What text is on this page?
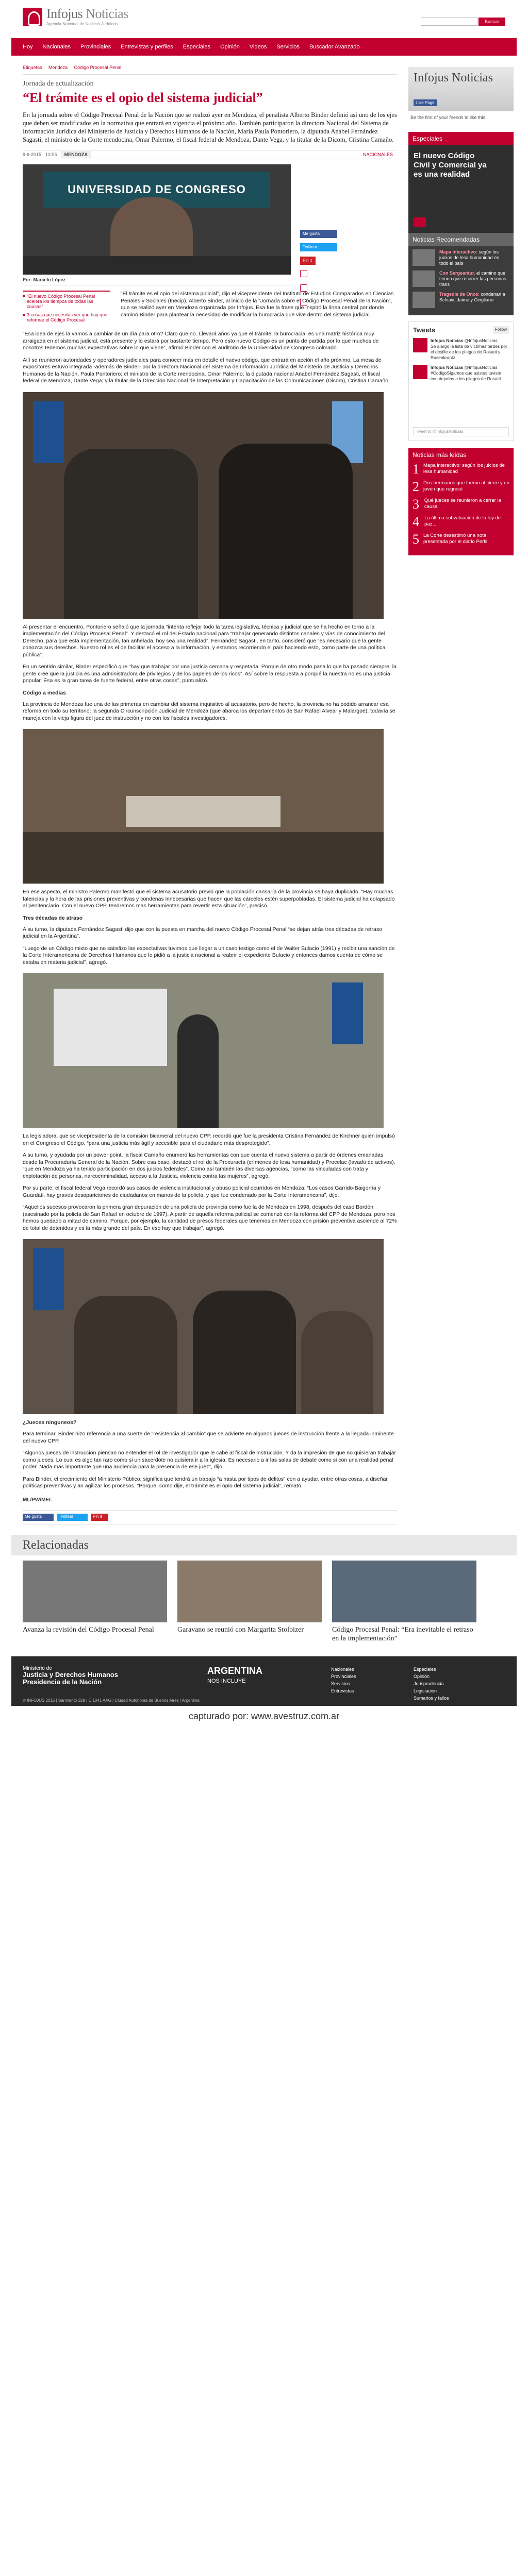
Infojus Noticias
Agencia Nacional de Noticias Jurídicas	Buscar
Hoy Nacionales Provinciales Entrevistas y perfiles Especiales Opinión Videos Servicios Buscador Avanzado
Etiquetas Mendoza Código Procesal Penal
Jornada de actualización
“El trámite es el opio del sistema judicial”
En la jornada sobre el Código Procesal Penal de la Nación que se realizó ayer en Mendoza, el penalista Alberto Binder definió así uno de los ejes que deben ser modificados en la normativa que entrará en vigencia el próximo año. También participaron la directora Nacional del Sistema de Información Jurídica del Ministerio de Justicia y Derechos Humanos de la Nación, María Paula Pontoriero, la diputada Anabel Fernández Sagasti, el ministro de la Corte mendocina, Omar Palermo; el fiscal federal de Mendoza, Dante Vega, y la titular de la Dicom, Cristina Camaño.
9-6-2015 13:05	MENDOZA	NACIONALES
UNIVERSIDAD DE CONGRESO
Por: Marcelo López
Me gusta
Twittear
Pin it
“El nuevo Código Procesal Penal acelera los tiempos de todas las causas”
3 cosas que necesitás ver que hay que reformar el Código Procesal
“El trámite es el opio del sistema judicial”, dijo el vicepresidente del Instituto de Estudios Comparados en Ciencias Penales y Sociales (Inecip), Alberto Binder, al inicio de la “Jornada sobre el Código Procesal Penal de la Nación”, que se realizó ayer en Mendoza organizada por Infojus. Esa fue la frase que inspiró la línea central por donde caminó Binder para plantear la necesidad de modificar la burocracia que vive dentro del sistema judicial.
“Esa idea de ejes la vamos a cambiar de un día para otro? Claro que no. Llevará años ya que el trámite, la burocracia, es una matriz histórica muy arraigada en el sistema judicial, está presente y lo estará por bastante tiempo. Pero esto nuevo Código es un punto de partida por lo que muchos de nosotros tenemos muchas expectativas sobre lo que viene”, afirmó Binder con el auditorio de la Universidad de Congreso colmado.
Allí se reunieron autoridades y operadores judiciales para conocer más en detalle el nuevo código, que entrará en acción el año próximo. La mesa de expositores estuvo integrada -además de Binder- por la directora Nacional del Sistema de Información Jurídica del Ministerio de Justicia y Derechos Humanos de la Nación, Paula Pontoriero; el ministro de la Corte mendocina, Omar Palermo; la diputada nacional Anabel Fernández Sagasti, el fiscal federal de Mendoza, Dante Vega; y la titular de la Dirección Nacional de Interpretación y Capacitación de las Comunicaciones (Dicom), Cristina Camaño.
Al presentar el encuentro, Pontoriero señaló que la jornada “intenta reflejar todo la tarea legislativa, técnica y judicial que se ha hecho en torno a la implementación del Código Procesal Penal”. Y destacó el rol del Estado nacional para “trabajar generando distintos canales y vías de conocimiento del Derecho, para que esta implementación, tan anhelada, hoy sea una realidad”. Fernández Sagasti, en tanto, consideró que “es necesario que la gente conozca sus derechos. Nuestro rol es el de facilitar el acceso a la información, y estamos recorriendo el país haciendo esto, como parte de una política pública”.
En un sentido similar, Binder especificó que “hay que trabajar por una justicia cercana y respetada. Porque de otro modo pasa lo que ha pasado siempre: la gente cree que la justicia es una administradora de privilegios y de los papeles de los ricos”. Así sobre la respuesta a porqué la nuestra no es una justicia popular. Esa es la gran tarea de fuerte federal, entre otras cosas”, puntualizó.
Código a medias
La provincia de Mendoza fue una de las primeras en cambiar del sistema inquisitivo al acusatorio, pero de hecho, la provincia no ha podido arrancar esa reforma en todo su territorio: la segunda Circunscripción Judicial de Mendoza (que abarca los departamentos de San Rafael Alvear y Malargüe), todavía se maneja con la vieja figura del juez de instrucción y no con los fiscales investigadores.
En ese aspecto, el ministro Palermo manifestó que el sistema acusatorio previó que la población cansaría de la provincia se haya duplicado. “Hay muchas falencias y la hora de las prisiones preventivas y condenas innecesarias que hacen que las cárceles estén superpobladas. El sistema judicial ha colapsado al penitenciario. Con el nuevo CPP, tendremos mas herramientas para revertir esta situación”, precisó.
Tres décadas de atraso
A su turno, la diputada Fernández Sagasti dijo que con la puesta en marcha del nuevo Código Procesal Penal “se dejan atrás tres décadas de retraso judicial en la Argentina”.
“Luego de un Código mixto que no satisfizo las expectativas tuvimos que llegar a un caso testigo como el de Walter Bulacio (1991) y recibir una sanción de la Corte Interamericana de Derechos Humanos que le pidió a la justicia nacional a reabrir el expediente Bulacio y entonces damos cuenta de cómo se estaba en materia judicial”, agregó.
La legisladora, que se vicepresidenta de la comisión bicameral del nuevo CPP, recordó que fue la presidenta Cristina Fernández de Kirchner quien impulsó en el Congreso el Código, “para una justicia más ágil y accesible para el ciudadano más desprotegido”.
A su turno, y ayudada por un power point, la fiscal Camaño enumeró las herramientas con que cuenta el nuevo sistema a partir de órdenes emanadas desde la Procuraduría General de la Nación. Sobre esa base, destacó el rol de la Procuracía (crímenes de lesa humanidad) y Procelac (lavado de activos), “que en Mendoza ya ha tenido participación en dos juicios federales”. Como así también las diversas agencias, “como las vinculadas con trata y explotación de personas, narcocriminalidad, acceso a la Justicia, violencia contra las mujeres”, agregó.
Por su parte, el fiscal federal Vega recordó sus casos de violencia institucional y abuso policial ocurridos en Mendoza: “Los casos Garrido-Baigorria y Guardati, hay graves desapariciones de ciudadanos en manos de la policía, y que fue condenado por la Corte Interamericana”, dijo.
“Aquellos sucesos provocaron la primera gran depuración de una policía de provincia como fue la de Mendoza en 1998, después del caso Bordón (asesinado por la policía de San Rafael en octubre de 1997). A partir de aquella reforma policial se comenzó con la reforma del CPP de Mendoza, pero nos hemos quedado a mitad de camino. Porque, por ejemplo, la cantidad de presos federales que tenemos en Mendoza con prisión preventiva asciende al 72% de total de detenidos y es la más grande del país. En eso hay que trabajar”, agregó.
¿Jueces ninguneos?
Para terminar, Binder hizo referencia a una suerte de “resistencia al cambio” que se advierte en algunos jueces de instrucción frente a la llegada inminente del nuevo CPP.
“Algunos jueces de instrucción piensan no entender el rol de investigador que le cabe al fiscal de instrucción. Y da la impresión de que no quisieran trabajar como jueces. Lo cual es algo tan raro como si un sacerdote no quisiera ir a la iglesia. Es necesario a ir las salas de debate como si con una realidad penal poder. Nada más importante que una audiencia para la presencia de ese juez”, dijo.
Para Binder, el crecimiento del Ministerio Público, significa que tendrá un trabajo “a hasta por tipos de delitos” con a ayudar, entre otras cosas, a diseñar políticas preventivas y an agilizar los procesos. “Porque, como dije, el trámite es el opio del sistema judicial”, remató.
ML/PW/MEL
Me gusta	Twittear	Pin it
Infojus Noticias
Like Page
Be the first of your friends to like this
Especiales
El nuevo Código Civil y Comercial ya es una realidad
Noticias Recomendadas
Mapa interactivo: según los juicios de lesa humanidad en todo el país
Con Sergeantur, el camino que tienen que recorrer las personas trans
Tragedia de Once: condenan a Schiavi, Jaime y Cirigliano
Tweets	Follow
Infojus Noticias @InfojusNoticias
Se alargó la lista de víctimas tardes por el desfile de los pliegos de Rosatti y Rosenkrantz
Infojus Noticias @InfojusNoticias
#CodigoSigamos que asistes tuviste con dejados a los pliegos de Rosatti
Tweet to @InfojusNoticias
Noticias más leídas
1 Mapa interactivo: según los juicios de lesa humanidad
2 Dos hermanos que fueron al cierre y un joven que regresó
3 Qué jueces se reunieron a cerrar la causa
4 La última subvaluación de la ley de paz...
5 La Corte desestimó una nota presentada por el diario Perfil
Relacionadas
Avanza la revisión del Código Procesal Penal	Garavano se reunió con Margarita Stolbizer	Código Procesal Penal: “Era inevitable el retraso en la implementación”
Ministerio de
Justicia y Derechos Humanos
Presidencia de la Nación
ARGENTINA
NOS INCLUYE
Nacionales
Provinciales
Servicios
Entrevistas
Especiales
Opinión
Jurisprudencia
Legislación
Sumarios y fallos
© INFOJUS 2015 | Sarmiento 329 | C.1041 AAG | Ciudad Autónoma de Buenos Aires | Argentina
capturado por: www.avestruz.com.ar
